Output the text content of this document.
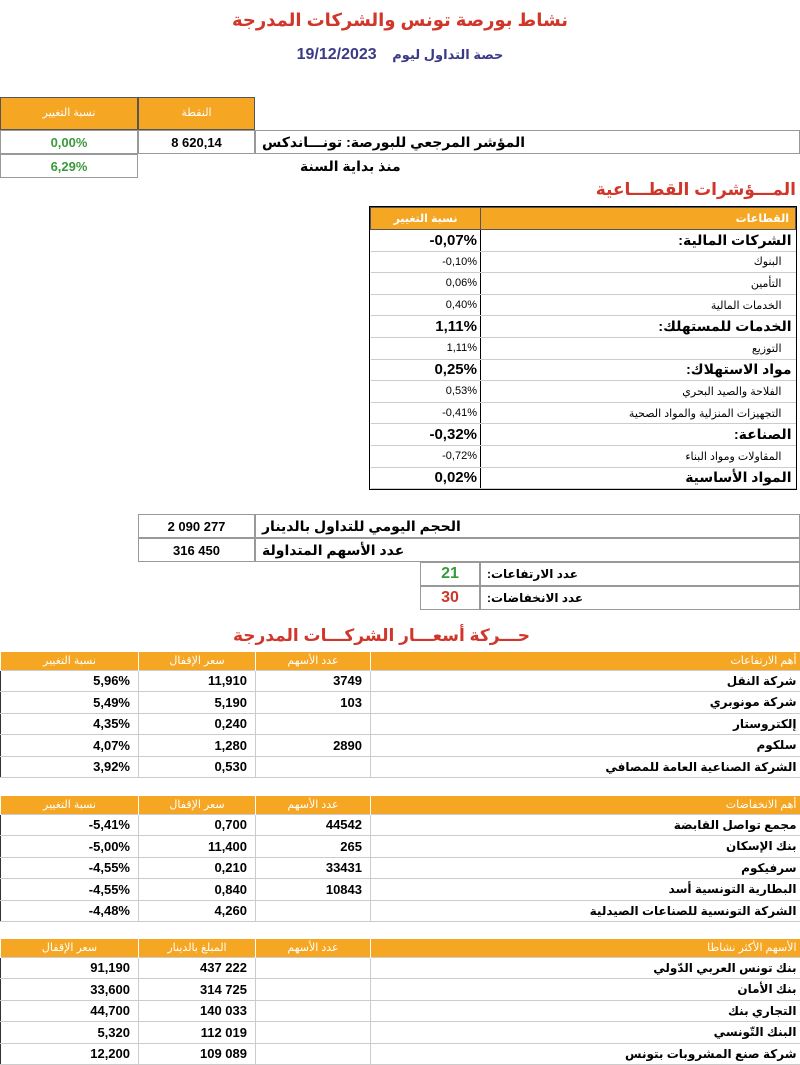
نشاط بورصة تونس والشركات المدرجة
حصة التداول ليوم 19/12/2023
نسبة التغيير	النقطة
0,00%	8 620,14	المؤشر المرجعي للبورصة: تونـــاندكس
6,29%	منذ بداية السنة
المـــؤشرات القطـــاعية
نسبة التغيير	القطاعات
-0,07%	الشركات المالية:
-0,10%	البنوك
0,06%	التأمين
0,40%	الخدمات المالية
1,11%	الخدمات للمستهلك:
1,11%	التوزيع
0,25%	مواد الاستهلاك:
0,53%	الفلاحة والصيد البحري
-0,41%	التجهيزات المنزلية والمواد الصحية
-0,32%	الصناعة:
-0,72%	المقاولات ومواد البناء
0,02%	المواد الأساسية
2 090 277	الحجم اليومي للتداول بالدينار
316 450	عدد الأسهم المتداولة
21	عدد الارتفاعات:
30	عدد الانخفاضات:
حـــركة أسعـــار الشركـــات المدرجة
نسبة التغيير	سعر الإقفال	عدد الأسهم	أهم الارتفاعات
5,96%	11,910	3749	شركة النقل
5,49%	5,190	103	شركة مونوبري
4,35%	0,240		إلكتروستار
4,07%	1,280	2890	سلكوم
3,92%	0,530		الشركة الصناعية العامة للمصافي
نسبة التغيير	سعر الإقفال	عدد الأسهم	أهم الانخفاضات
-5,41%	0,700	44542	مجمع تواصل القابضة
-5,00%	11,400	265	بنك الإسكان
-4,55%	0,210	33431	سرفيكوم
-4,55%	0,840	10843	البطارية التونسية أسد
-4,48%	4,260		الشركة التونسية للصناعات الصيدلية
سعر الإقفال	المبلغ بالدينار	عدد الأسهم	الأسهم الأكثر نشاطا
91,190	437 222		بنك تونس العربي الدّولي
33,600	314 725		بنك الأمان
44,700	140 033		التجاري بنك
5,320	112 019		البنك التّونسي
12,200	109 089		شركة صنع المشروبات بتونس
